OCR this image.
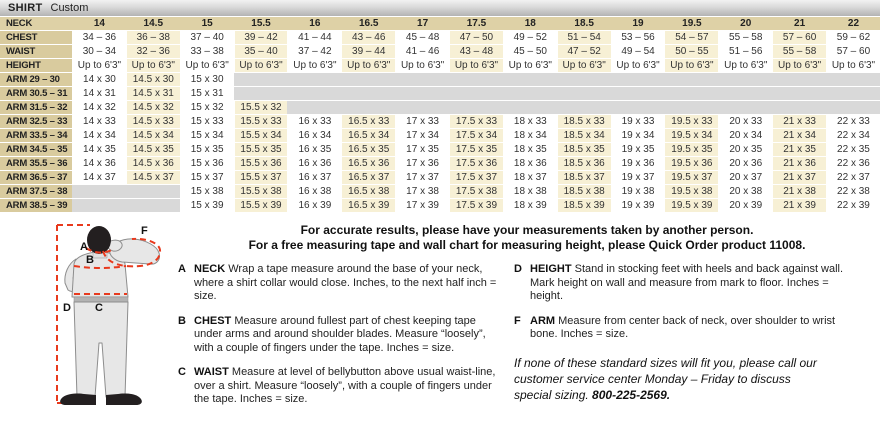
SHIRT Custom
NECK	14	14.5	15	15.5	16	16.5	17	17.5	18	18.5	19	19.5	20	21	22
CHEST	34 – 36	36 – 38	37 – 40	39 – 42	41 – 44	43 – 46	45 – 48	47 – 50	49 – 52	51 – 54	53 – 56	54 – 57	55 – 58	57 – 60	59 – 62
WAIST	30 – 34	32 – 36	33 – 38	35 – 40	37 – 42	39 – 44	41 – 46	43 – 48	45 – 50	47 – 52	49 – 54	50 – 55	51 – 56	55 – 58	57 – 60
HEIGHT	Up to 6'3"	Up to 6'3"	Up to 6'3"	Up to 6'3"	Up to 6'3"	Up to 6'3"	Up to 6'3"	Up to 6'3"	Up to 6'3"	Up to 6'3"	Up to 6'3"	Up to 6'3"	Up to 6'3"	Up to 6'3"	Up to 6'3"
ARM 29 – 30	14 x 30	14.5 x 30	15 x 30
ARM 30.5 – 31	14 x 31	14.5 x 31	15 x 31
ARM 31.5 – 32	14 x 32	14.5 x 32	15 x 32	15.5 x 32
ARM 32.5 – 33	14 x 33	14.5 x 33	15 x 33	15.5 x 33	16 x 33	16.5 x 33	17 x 33	17.5 x 33	18 x 33	18.5 x 33	19 x 33	19.5 x 33	20 x 33	21 x 33	22 x 33
ARM 33.5 – 34	14 x 34	14.5 x 34	15 x 34	15.5 x 34	16 x 34	16.5 x 34	17 x 34	17.5 x 34	18 x 34	18.5 x 34	19 x 34	19.5 x 34	20 x 34	21 x 34	22 x 34
ARM 34.5 – 35	14 x 35	14.5 x 35	15 x 35	15.5 x 35	16 x 35	16.5 x 35	17 x 35	17.5 x 35	18 x 35	18.5 x 35	19 x 35	19.5 x 35	20 x 35	21 x 35	22 x 35
ARM 35.5 – 36	14 x 36	14.5 x 36	15 x 36	15.5 x 36	16 x 36	16.5 x 36	17 x 36	17.5 x 36	18 x 36	18.5 x 36	19 x 36	19.5 x 36	20 x 36	21 x 36	22 x 36
ARM 36.5 – 37	14 x 37	14.5 x 37	15 x 37	15.5 x 37	16 x 37	16.5 x 37	17 x 37	17.5 x 37	18 x 37	18.5 x 37	19 x 37	19.5 x 37	20 x 37	21 x 37	22 x 37
ARM 37.5 – 38	15 x 38	15.5 x 38	16 x 38	16.5 x 38	17 x 38	17.5 x 38	18 x 38	18.5 x 38	19 x 38	19.5 x 38	20 x 38	21 x 38	22 x 38
ARM 38.5 – 39	15 x 39	15.5 x 39	16 x 39	16.5 x 39	17 x 39	17.5 x 39	18 x 39	18.5 x 39	19 x 39	19.5 x 39	20 x 39	21 x 39	22 x 39
A
B
C
D
F	For accurate results, please have your measurements taken by another person.
For a free measuring tape and wall chart for measuring height, please Quick Order product 11008.
A NECK Wrap a tape measure around the base of your neck, where a shirt collar would close. Inches, to the next half inch = size.
B CHEST Measure around fullest part of chest keeping tape under arms and around shoulder blades. Measure “loosely”, with a couple of fingers under the tape. Inches = size.
C WAIST Measure at level of bellybutton above usual waist-line, over a shirt. Measure “loosely”, with a couple of fingers under the tape. Inches = size.
D HEIGHT Stand in stocking feet with heels and back against wall. Mark height on wall and measure from mark to floor. Inches = height.
F ARM Measure from center back of neck, over shoulder to wrist bone. Inches = size.
If none of these standard sizes will fit you, please call our customer service center Monday – Friday to discuss special sizing. 800-225-2569.
